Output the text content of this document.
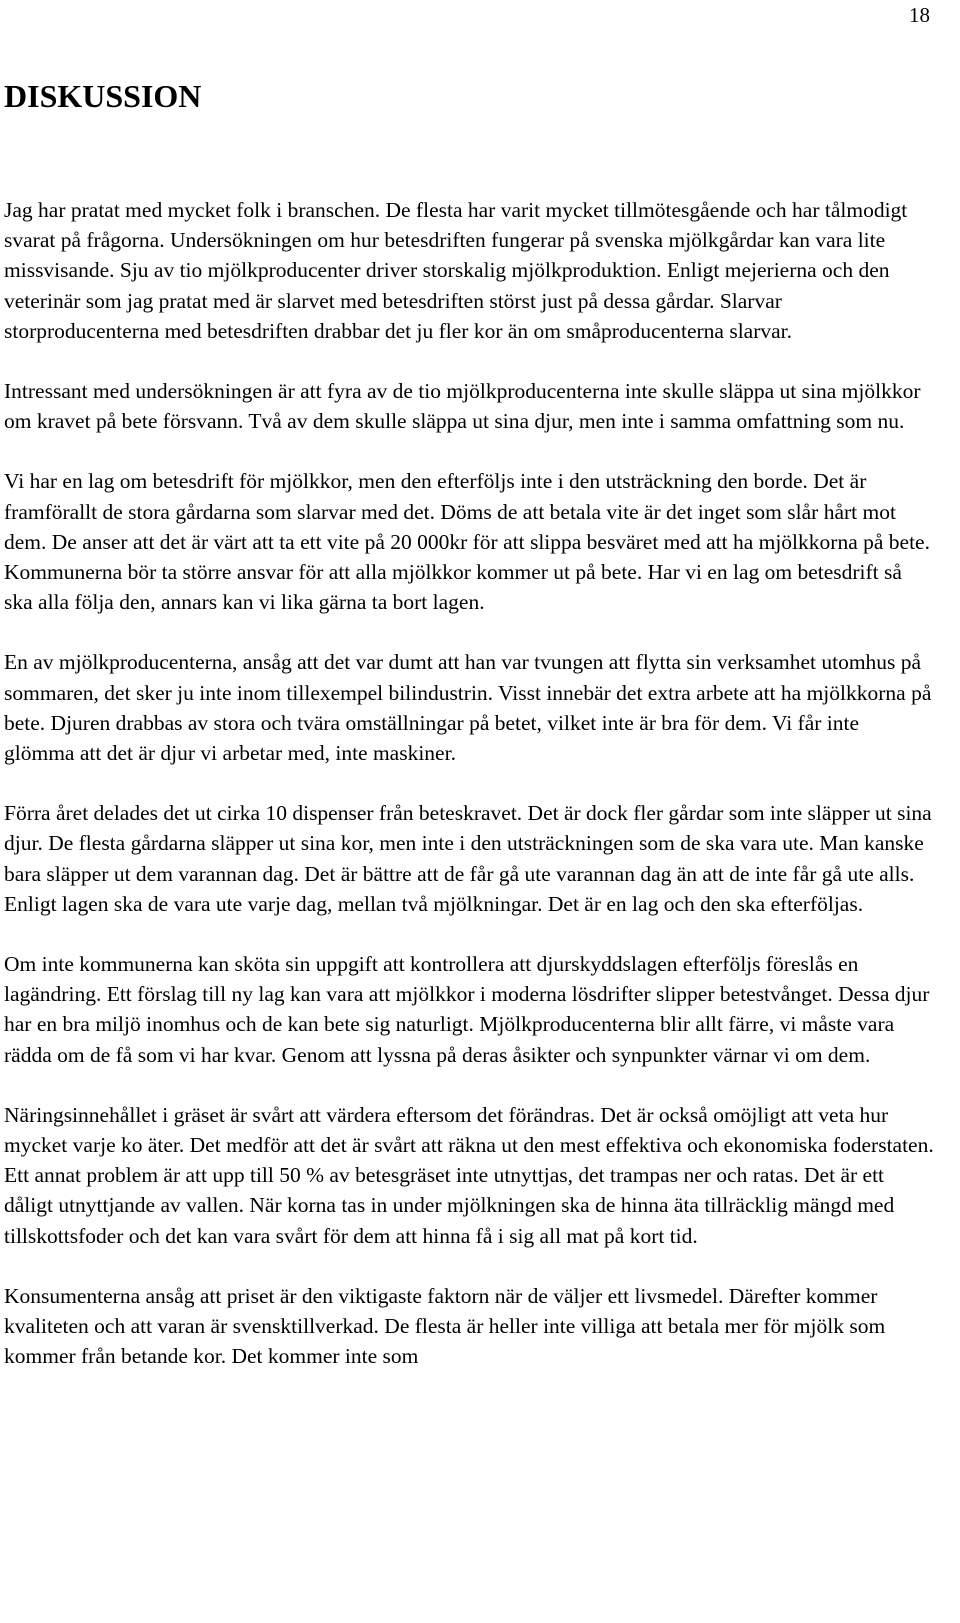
18
DISKUSSION

Jag har pratat med mycket folk i branschen. De flesta har varit mycket tillmötesgående och har tålmodigt svarat på frågorna. Undersökningen om hur betesdriften fungerar på svenska mjölkgårdar kan vara lite missvisande. Sju av tio mjölkproducenter driver storskalig mjölkproduktion. Enligt mejerierna och den veterinär som jag pratat med är slarvet med betesdriften störst just på dessa gårdar. Slarvar storproducenterna med betesdriften drabbar det ju fler kor än om småproducenterna slarvar.

Intressant med undersökningen är att fyra av de tio mjölkproducenterna inte skulle släppa ut sina mjölkkor om kravet på bete försvann. Två av dem skulle släppa ut sina djur, men inte i samma omfattning som nu.

Vi har en lag om betesdrift för mjölkkor, men den efterföljs inte i den utsträckning den borde. Det är framförallt de stora gårdarna som slarvar med det. Döms de att betala vite är det inget som slår hårt mot dem. De anser att det är värt att ta ett vite på 20 000kr för att slippa besväret med att ha mjölkkorna på bete. Kommunerna bör ta större ansvar för att alla mjölkkor kommer ut på bete. Har vi en lag om betesdrift så ska alla följa den, annars kan vi lika gärna ta bort lagen.

En av mjölkproducenterna, ansåg att det var dumt att han var tvungen att flytta sin verksamhet utomhus på sommaren, det sker ju inte inom tillexempel bilindustrin. Visst innebär det extra arbete att ha mjölkkorna på bete. Djuren drabbas av stora och tvära omställningar på betet, vilket inte är bra för dem. Vi får inte glömma att det är djur vi arbetar med, inte maskiner.

Förra året delades det ut cirka 10 dispenser från beteskravet. Det är dock fler gårdar som inte släpper ut sina djur. De flesta gårdarna släpper ut sina kor, men inte i den utsträckningen som de ska vara ute. Man kanske bara släpper ut dem varannan dag. Det är bättre att de får gå ute varannan dag än att de inte får gå ute alls. Enligt lagen ska de vara ute varje dag, mellan två mjölkningar. Det är en lag och den ska efterföljas.

Om inte kommunerna kan sköta sin uppgift att kontrollera att djurskyddslagen efterföljs föreslås en lagändring. Ett förslag till ny lag kan vara att mjölkkor i moderna lösdrifter slipper betestvånget. Dessa djur har en bra miljö inomhus och de kan bete sig naturligt. Mjölkproducenterna blir allt färre, vi måste vara rädda om de få som vi har kvar. Genom att lyssna på deras åsikter och synpunkter värnar vi om dem.

Näringsinnehållet i gräset är svårt att värdera eftersom det förändras. Det är också omöjligt att veta hur mycket varje ko äter. Det medför att det är svårt att räkna ut den mest effektiva och ekonomiska foderstaten. Ett annat problem är att upp till 50 % av betesgräset inte utnyttjas, det trampas ner och ratas. Det är ett dåligt utnyttjande av vallen. När korna tas in under mjölkningen ska de hinna äta tillräcklig mängd med tillskottsfoder och det kan vara svårt för dem att hinna få i sig all mat på kort tid.

Konsumenterna ansåg att priset är den viktigaste faktorn när de väljer ett livsmedel. Därefter kommer kvaliteten och att varan är svensktillverkad. De flesta är heller inte villiga att betala mer för mjölk som kommer från betande kor. Det kommer inte som
